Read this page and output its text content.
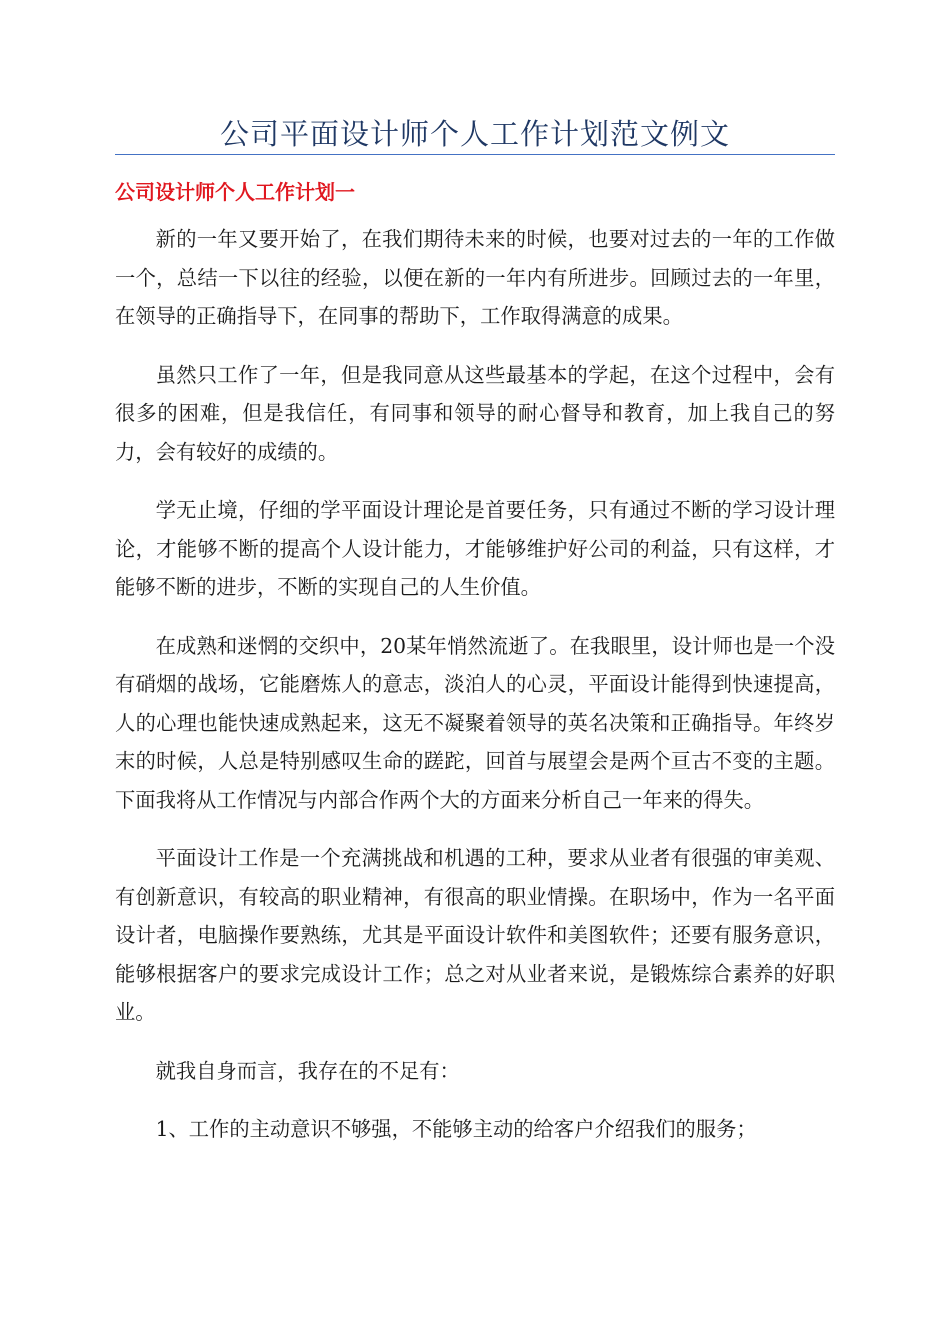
公司平面设计师个人工作计划范文例文
公司设计师个人工作计划一

新的一年又要开始了，在我们期待未来的时候，也要对过去的一年的工作做一个，总结一下以往的经验，以便在新的一年内有所进步。回顾过去的一年里，在领导的正确指导下，在同事的帮助下，工作取得满意的成果。

虽然只工作了一年，但是我同意从这些最基本的学起，在这个过程中，会有很多的困难，但是我信任，有同事和领导的耐心督导和教育，加上我自己的努力，会有较好的成绩的。

学无止境，仔细的学平面设计理论是首要任务，只有通过不断的学习设计理论，才能够不断的提高个人设计能力，才能够维护好公司的利益，只有这样，才能够不断的进步，不断的实现自己的人生价值。

在成熟和迷惘的交织中，20某年悄然流逝了。在我眼里，设计师也是一个没有硝烟的战场，它能磨炼人的意志，淡泊人的心灵，平面设计能得到快速提高，人的心理也能快速成熟起来，这无不凝聚着领导的英名决策和正确指导。年终岁末的时候，人总是特别感叹生命的蹉跎，回首与展望会是两个亘古不变的主题。下面我将从工作情况与内部合作两个大的方面来分析自己一年来的得失。

平面设计工作是一个充满挑战和机遇的工种，要求从业者有很强的审美观、有创新意识，有较高的职业精神，有很高的职业情操。在职场中，作为一名平面设计者，电脑操作要熟练，尤其是平面设计软件和美图软件；还要有服务意识，能够根据客户的要求完成设计工作；总之对从业者来说，是锻炼综合素养的好职业。

就我自身而言，我存在的不足有：

1、工作的主动意识不够强，不能够主动的给客户介绍我们的服务；
